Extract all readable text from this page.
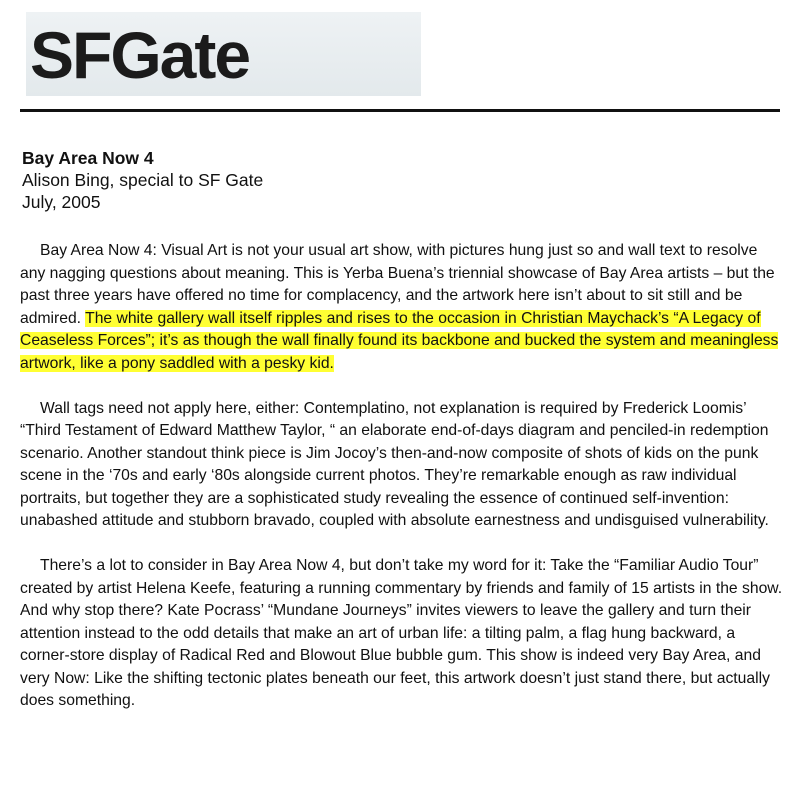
SFGate
Bay Area Now 4
Alison Bing, special to SF Gate
July, 2005

Bay Area Now 4: Visual Art is not your usual art show, with pictures hung just so and wall text to resolve any nagging questions about meaning. This is Yerba Buena’s triennial showcase of Bay Area artists – but the past three years have offered no time for complacency, and the artwork here isn’t about to sit still and be admired. The white gallery wall itself ripples and rises to the occasion in Christian Maychack’s “A Legacy of Ceaseless Forces”; it’s as though the wall finally found its backbone and bucked the system and meaningless artwork, like a pony saddled with a pesky kid.

Wall tags need not apply here, either: Contemplatino, not explanation is required by Frederick Loomis’ “Third Testament of Edward Matthew Taylor, “ an elaborate end-of-days diagram and penciled-in redemption scenario. Another standout think piece is Jim Jocoy’s then-and-now composite of shots of kids on the punk scene in the ‘70s and early ‘80s alongside current photos. They’re remarkable enough as raw individual portraits, but together they are a sophisticated study revealing the essence of continued self-invention: unabashed attitude and stubborn bravado, coupled with absolute earnestness and undisguised vulnerability.

There’s a lot to consider in Bay Area Now 4, but don’t take my word for it: Take the “Familiar Audio Tour” created by artist Helena Keefe, featuring a running commentary by friends and family of 15 artists in the show. And why stop there? Kate Pocrass’ “Mundane Journeys” invites viewers to leave the gallery and turn their attention instead to the odd details that make an art of urban life: a tilting palm, a flag hung backward, a corner-store display of Radical Red and Blowout Blue bubble gum. This show is indeed very Bay Area, and very Now: Like the shifting tectonic plates beneath our feet, this artwork doesn’t just stand there, but actually does something.
